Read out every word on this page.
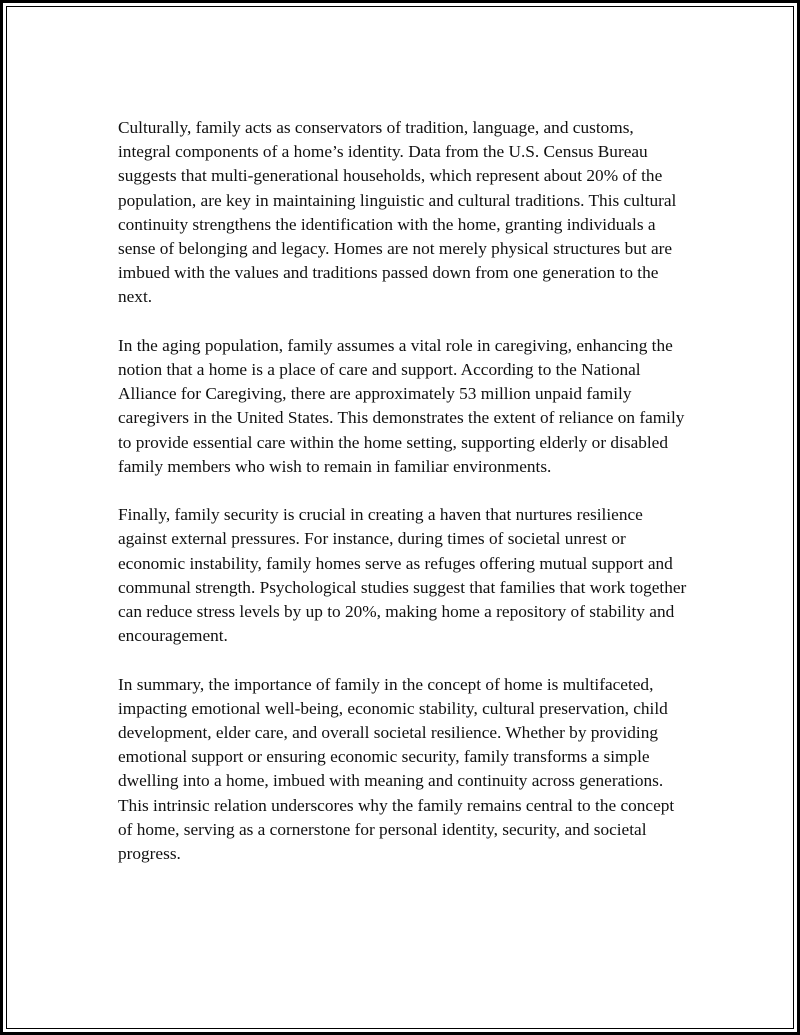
Culturally, family acts as conservators of tradition, language, and customs, integral components of a home’s identity. Data from the U.S. Census Bureau suggests that multi-generational households, which represent about 20% of the population, are key in maintaining linguistic and cultural traditions. This cultural continuity strengthens the identification with the home, granting individuals a sense of belonging and legacy. Homes are not merely physical structures but are imbued with the values and traditions passed down from one generation to the next.

In the aging population, family assumes a vital role in caregiving, enhancing the notion that a home is a place of care and support. According to the National Alliance for Caregiving, there are approximately 53 million unpaid family caregivers in the United States. This demonstrates the extent of reliance on family to provide essential care within the home setting, supporting elderly or disabled family members who wish to remain in familiar environments.

Finally, family security is crucial in creating a haven that nurtures resilience against external pressures. For instance, during times of societal unrest or economic instability, family homes serve as refuges offering mutual support and communal strength. Psychological studies suggest that families that work together can reduce stress levels by up to 20%, making home a repository of stability and encouragement.

In summary, the importance of family in the concept of home is multifaceted, impacting emotional well-being, economic stability, cultural preservation, child development, elder care, and overall societal resilience. Whether by providing emotional support or ensuring economic security, family transforms a simple dwelling into a home, imbued with meaning and continuity across generations. This intrinsic relation underscores why the family remains central to the concept of home, serving as a cornerstone for personal identity, security, and societal progress.
